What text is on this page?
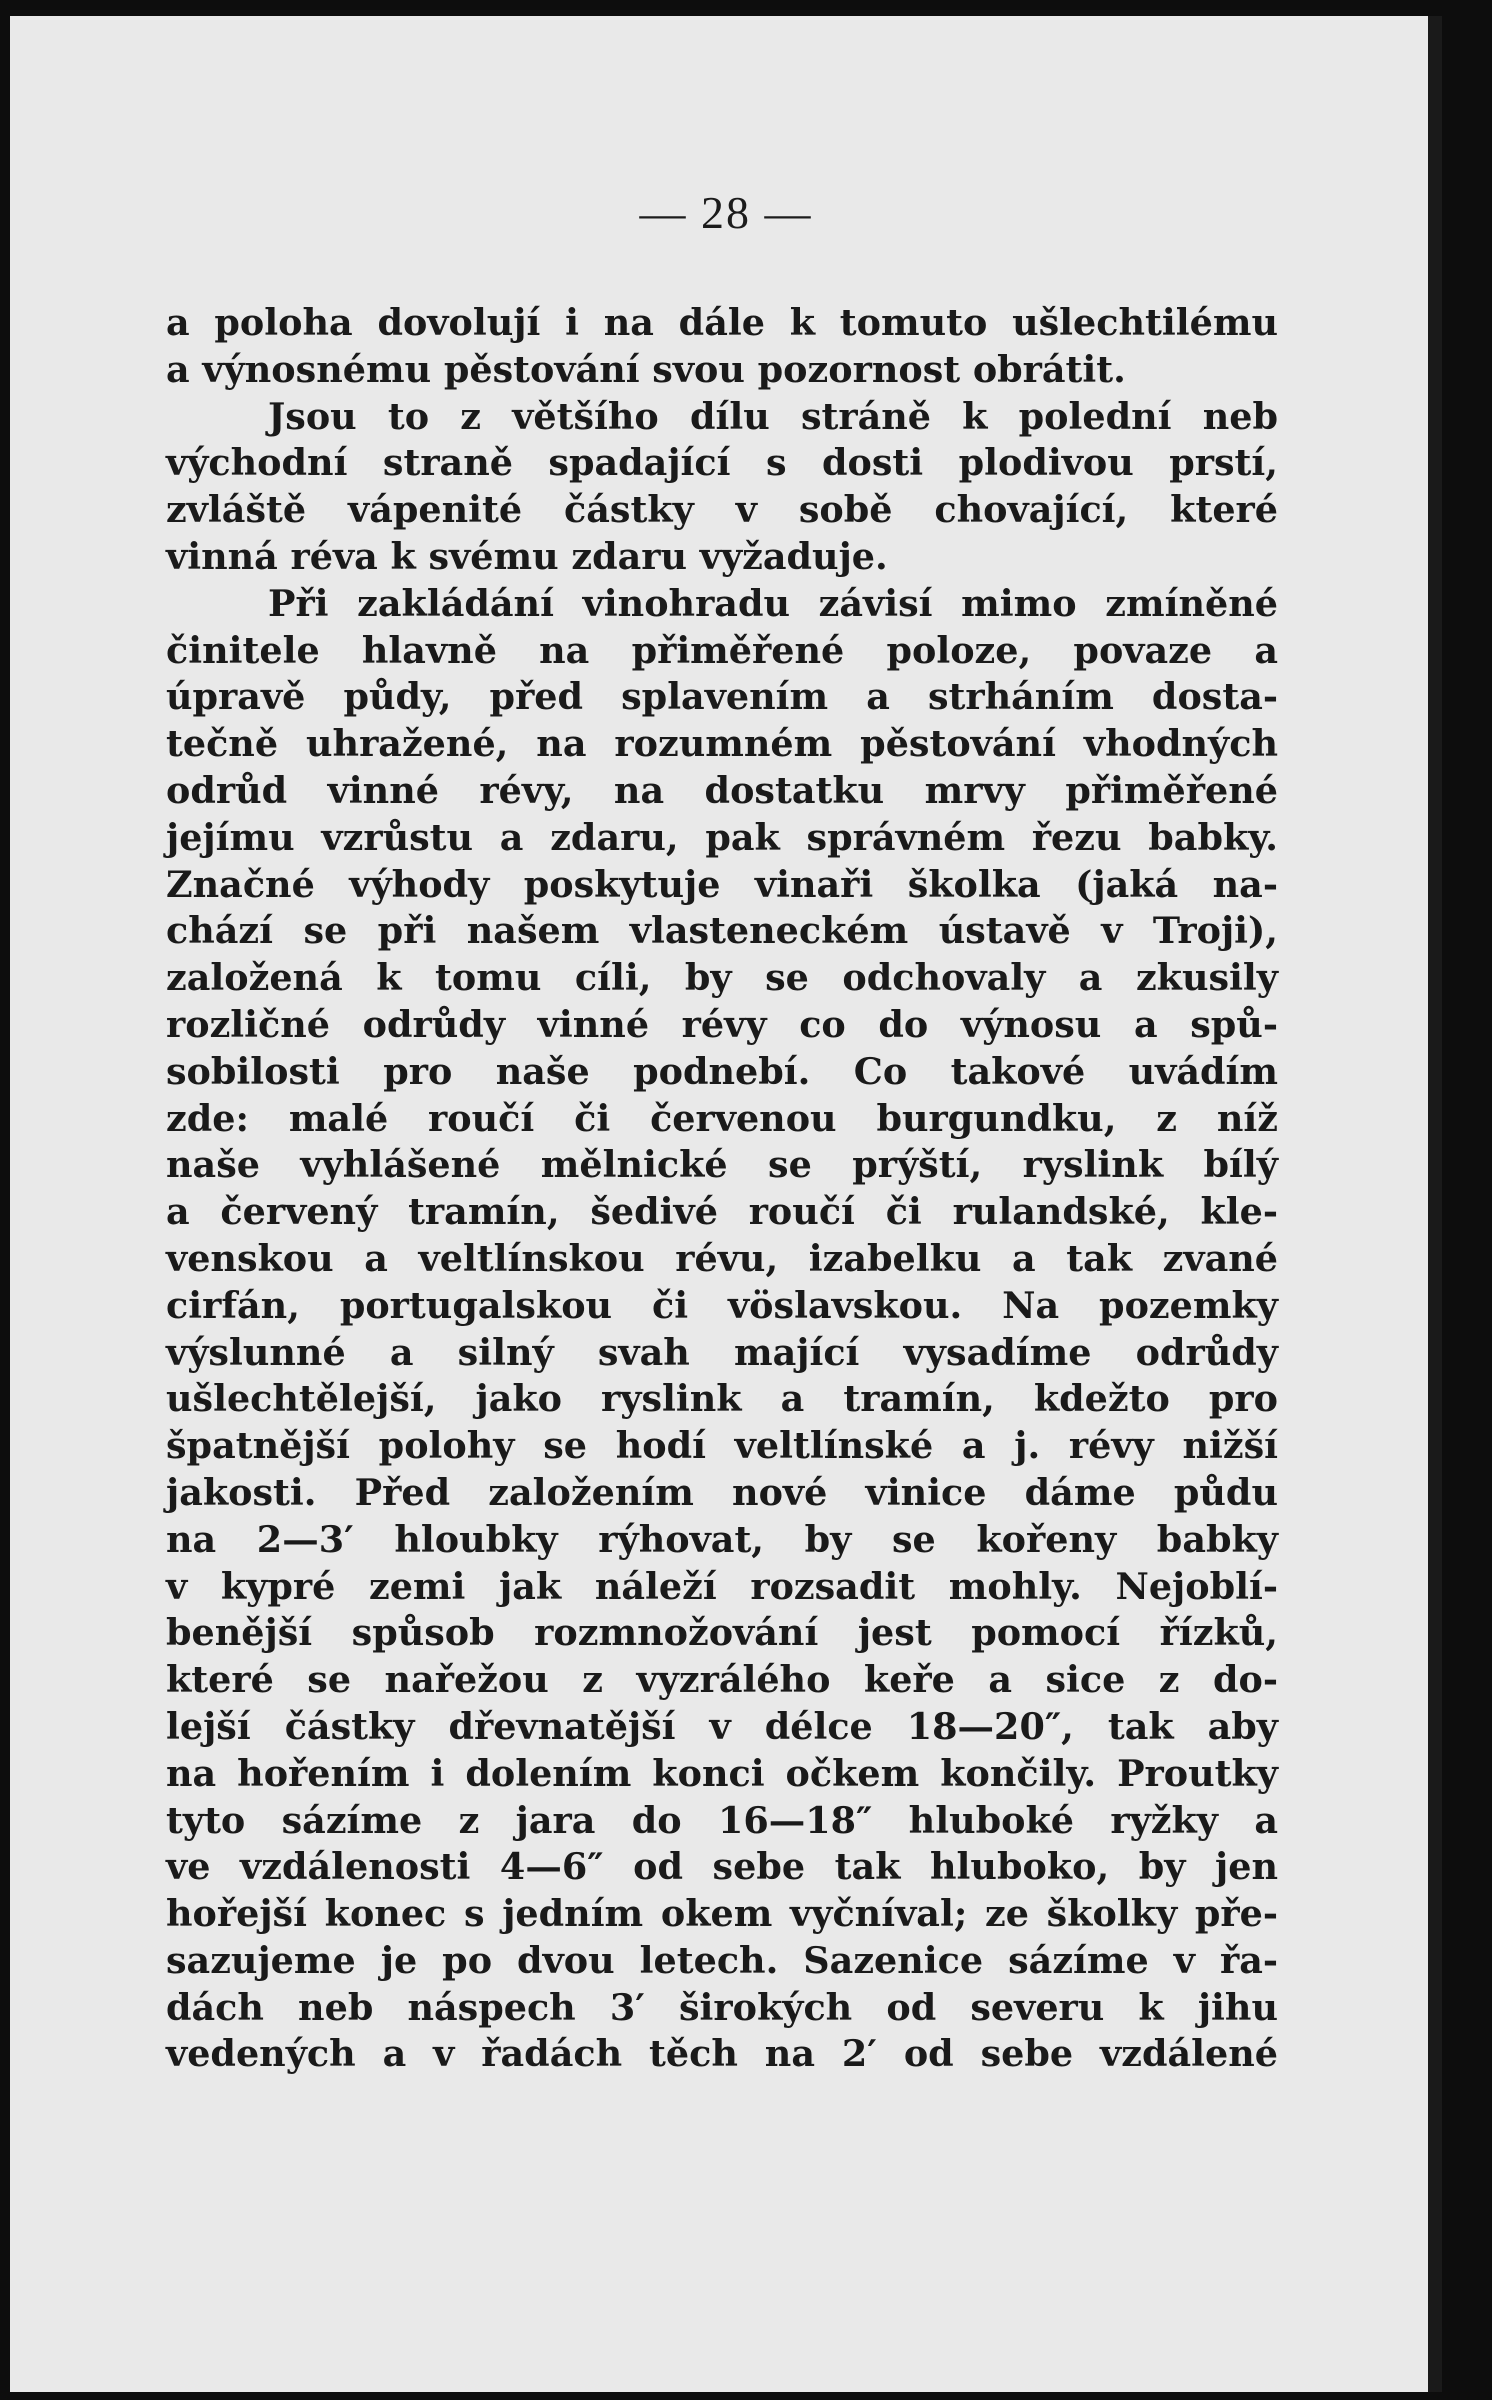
— 28 —
a poloha dovolují i na dále k tomuto ušlechtilému
a výnosnému pěstování svou pozornost obrátit.
Jsou to z většího dílu stráně k polední neb
východní straně spadající s dosti plodivou prstí,
zvláště vápenité částky v sobě chovající, které
vinná réva k svému zdaru vyžaduje.
Při zakládání vinohradu závisí mimo zmíněné
činitele hlavně na přiměřené poloze, povaze a
úpravě půdy, před splavením a strháním dosta-
tečně uhražené, na rozumném pěstování vhodných
odrůd vinné révy, na dostatku mrvy přiměřené
jejímu vzrůstu a zdaru, pak správném řezu babky.
Značné výhody poskytuje vinaři školka (jaká na-
chází se při našem vlasteneckém ústavě v Troji),
založená k tomu cíli, by se odchovaly a zkusily
rozličné odrůdy vinné révy co do výnosu a spů-
sobilosti pro naše podnebí. Co takové uvádím
zde: malé roučí či červenou burgundku, z níž
naše vyhlášené mělnické se prýští, ryslink bílý
a červený tramín, šedivé roučí či rulandské, kle-
venskou a veltlínskou révu, izabelku a tak zvané
cirfán, portugalskou či vöslavskou. Na pozemky
výslunné a silný svah mající vysadíme odrůdy
ušlechtělejší, jako ryslink a tramín, kdežto pro
špatnější polohy se hodí veltlínské a j. révy nižší
jakosti. Před založením nové vinice dáme půdu
na 2—3′ hloubky rýhovat, by se kořeny babky
v kypré zemi jak náleží rozsadit mohly. Nejoblí-
benější spůsob rozmnožování jest pomocí řízků,
které se nařežou z vyzrálého keře a sice z do-
lejší částky dřevnatější v délce 18—20″, tak aby
na hořením i dolením konci očkem končily. Proutky
tyto sázíme z jara do 16—18″ hluboké ryžky a
ve vzdálenosti 4—6″ od sebe tak hluboko, by jen
hořejší konec s jedním okem vyčníval; ze školky pře-
sazujeme je po dvou letech. Sazenice sázíme v řa-
dách neb náspech 3′ širokých od severu k jihu
vedených a v řadách těch na 2′ od sebe vzdálené
